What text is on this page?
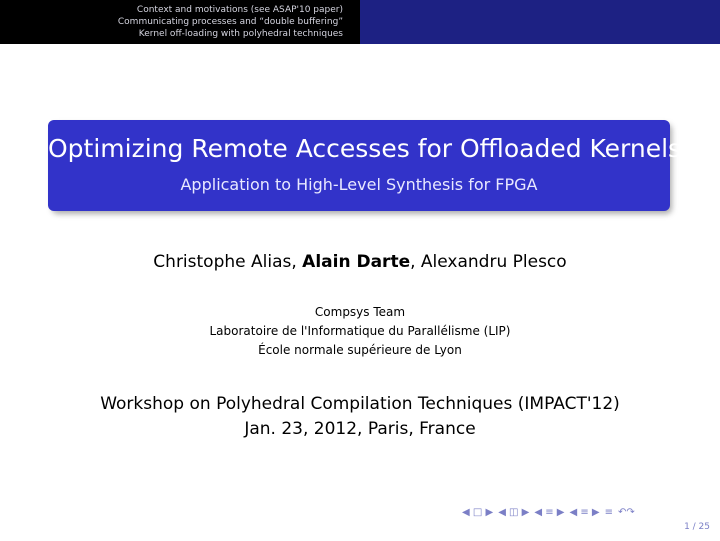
Context and motivations (see ASAP'10 paper)
Communicating processes and “double buffering”
Kernel off-loading with polyhedral techniques
Optimizing Remote Accesses for Offloaded Kernels
Application to High-Level Synthesis for FPGA
Christophe Alias, Alain Darte, Alexandru Plesco
Compsys Team
Laboratoire de l'Informatique du Parallélisme (LIP)
École normale supérieure de Lyon
Workshop on Polyhedral Compilation Techniques (IMPACT'12)
Jan. 23, 2012, Paris, France
◀ □ ▶ ◀ ◫ ▶ ◀ ≡ ▶ ◀ ≡ ▶ ≡ ↶↷
1 / 25
